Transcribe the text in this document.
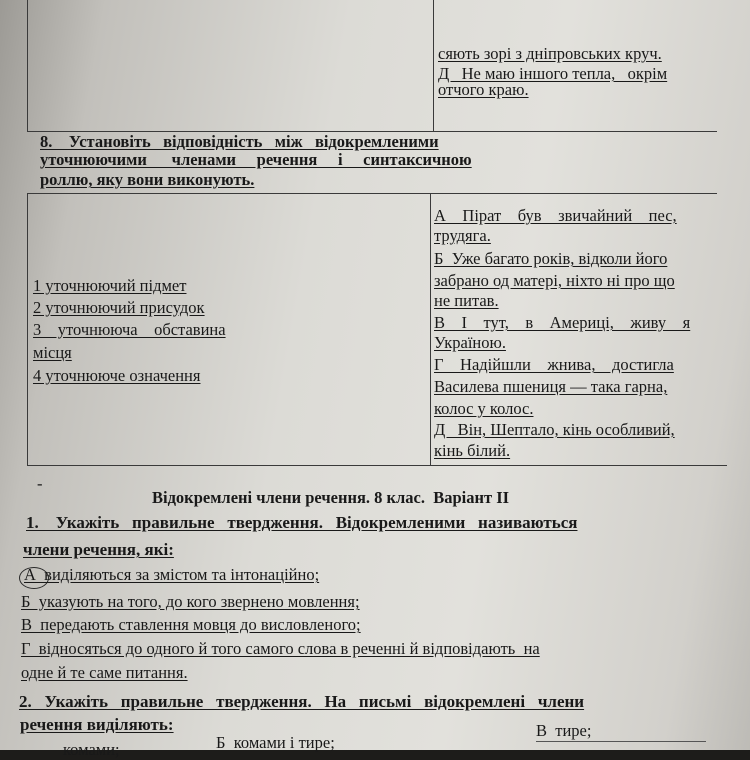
сяють зорі з дніпровських круч.
Д   Не маю іншого тепла,   окрім
отчого краю.
8.    Установіть   відповідність   між   відокремленими
уточнюючими      членами     речення     і     синтаксичною
роллю, яку вони виконують.
1 уточнюючий підмет
2 уточнюючий присудок
3    уточнююча    обставина
місця
4 уточнююче означення
А    Пірат    був    звичайний    пес,
трудяга.
Б  Уже багато років, відколи його
забрано од матері, ніхто ні про що
не питав.
В    І    тут,    в    Америці,    живу    я
Україною.
Г    Надійшли    жнива,    достигла
Василева пшениця — така гарна,
колос у колос.
Д   Він, Шептало, кінь особливий,
кінь білий.
-
Відокремлені члени речення. 8 клас.  Варіант ІІ
1.    Укажіть   правильне   твердження.   Відокремленими   називаються
члени речення, які:
А  виділяються за змістом та інтонаційно;
Б  указують на того, до кого звернено мовлення;
В  передають ставлення мовця до висловленого;
Г  відносяться до одного й того самого слова в реченні й відповідають  на
одне й те саме питання.
2.   Укажіть   правильне   твердження.   На   письмі   відокремлені   члени
речення виділяють:
комами;	Б  комами і тире;
В  тире;
